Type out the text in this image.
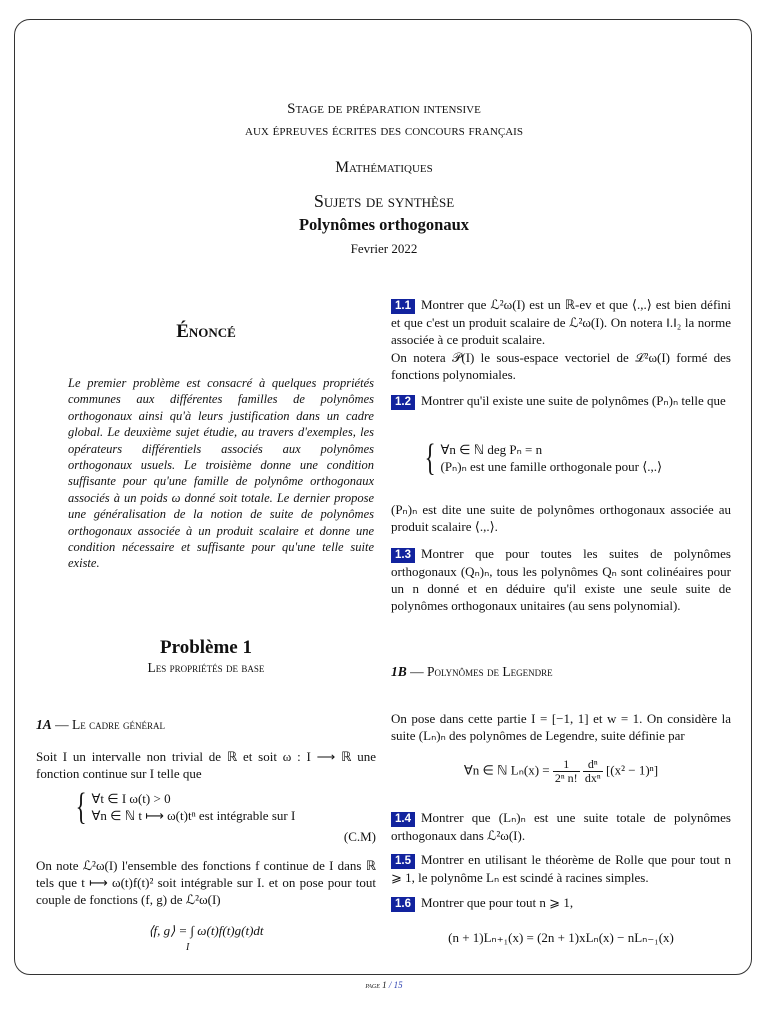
Stage de préparation intensive
aux épreuves écrites des concours français
Mathématiques
Sujets de synthèse
Polynômes orthogonaux
Fevrier 2022
Énoncé
Le premier problème est consacré à quelques propriétés communes aux différentes familles de polynômes orthogonaux ainsi qu'à leurs justification dans un cadre global. Le deuxième sujet étudie, au travers d'exemples, les opérateurs différentiels associés aux polynômes orthogonaux usuels. Le troisième donne une condition suffisante pour qu'une famille de polynôme orthogonaux associés à un poids ω donné soit totale. Le dernier propose une généralisation de la notion de suite de polynômes orthogonaux associée à un produit scalaire et donne une condition nécessaire et suffisante pour qu'une telle suite existe.
Problème 1
Les propriétés de base
1A — Le cadre général
Soit I un intervalle non trivial de ℝ et soit ω : I ⟶ ℝ une fonction continue sur I telle que
{ ∀t ∈ I ω(t) > 0
∀n ∈ ℕ t ⟼ ω(t)tⁿ est intégrable sur I
(C.M)
On note ℒ²ω(I) l'ensemble des fonctions f continue de I dans ℝ tels que t ⟼ ω(t)f(t)² soit intégrable sur I. et on pose pour tout couple de fonctions (f, g) de ℒ²ω(I)
⟨f, g⟩ = ∫ ω(t)f(t)g(t)dt
I
1.1 Montrer que ℒ²ω(I) est un ℝ-ev et que ⟨.,.⟩ est bien défini et que c'est un produit scalaire de ℒ²ω(I). On notera ‖.‖₂ la norme associée à ce produit scalaire.
On notera 𝒫(I) le sous-espace vectoriel de ℒ²ω(I) formé des fonctions polynomiales.
1.2 Montrer qu'il existe une suite de polynômes (Pₙ)ₙ telle que
{ ∀n ∈ ℕ deg Pₙ = n
(Pₙ)ₙ est une famille orthogonale pour ⟨.,.⟩
(Pₙ)ₙ est dite une suite de polynômes orthogonaux associée au produit scalaire ⟨.,.⟩.
1.3 Montrer que pour toutes les suites de polynômes orthogonaux (Qₙ)ₙ, tous les polynômes Qₙ sont colinéaires pour un n donné et en déduire qu'il existe une seule suite de polynômes orthogonaux unitaires (au sens polynomial).
1B — Polynômes de Legendre
On pose dans cette partie I = [−1, 1] et w = 1. On considère la suite (Lₙ)ₙ des polynômes de Legendre, suite définie par
∀n ∈ ℕ $L_n(x) = \frac{1}{\text{2ⁿ n!}}$
$\frac{\text{dⁿ}}{\text{dxⁿ}} [(x^2 - 1)^n]$
1.4 Montrer que (Lₙ)ₙ est une suite totale de polynômes orthogonaux dans ℒ²ω(I).
1.5 Montrer en utilisant le théorème de Rolle que pour tout n ⩾ 1, le polynôme Lₙ est scindé à racines simples.
1.6 Montrer que pour tout n ⩾ 1,
(n + 1)Lₙ₊₁(x) = (2n + 1)xLₙ(x) − nLₙ₋₁(x)
page 1 / 15
